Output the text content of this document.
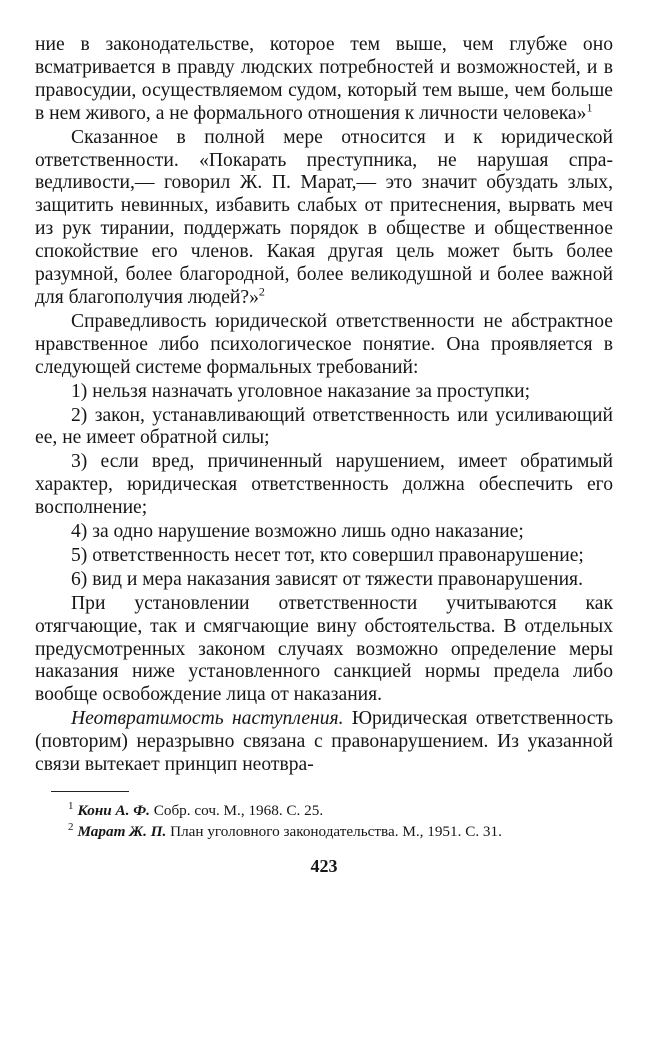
ние в законодательстве, которое тем выше, чем глубже оно всматривается в правду людских потребностей и возможностей, и в правосудии, осуществляемом судом, который тем выше, чем больше в нем живого, а не формального отношения к личности человека»$^1$

Сказанное в полной мере относится и к юридической ответственности. «Покарать преступника, не нарушая справедливости,— говорил Ж. П. Марат,— это значит обуздать злых, защитить невинных, избавить слабых от притеснения, вырвать меч из рук тирании, поддержать порядок в обществе и общественное спокойствие его членов. Какая другая цель может быть более разумной, более благородной, более великодушной и более важной для благополучия людей?»$^2$

Справедливость юридической ответственности не абстрактное нравственное либо психологическое понятие. Она проявляется в следующей системе формальных требований:

1) нельзя назначать уголовное наказание за проступки;

2) закон, устанавливающий ответственность или усиливающий ее, не имеет обратной силы;

3) если вред, причиненный нарушением, имеет обратимый характер, юридическая ответственность должна обеспечить его восполнение;

4) за одно нарушение возможно лишь одно наказание;

5) ответственность несет тот, кто совершил правонарушение;

6) вид и мера наказания зависят от тяжести правонарушения.

При установлении ответственности учитываются как отягчающие, так и смягчающие вину обстоятельства. В отдельных предусмотренных законом случаях возможно определение меры наказания ниже установленного санкцией нормы предела либо вообще освобождение лица от наказания.

Неотвратимость наступления. Юридическая ответственность (повторим) неразрывно связана с правонарушением. Из указанной связи вытекает принцип неотвра-

$^1$ Кони А. Ф. Собр. соч. М., 1968. С. 25.
$^2$ Марат Ж. П. План уголовного законодательства. М., 1951. С. 31.
423
